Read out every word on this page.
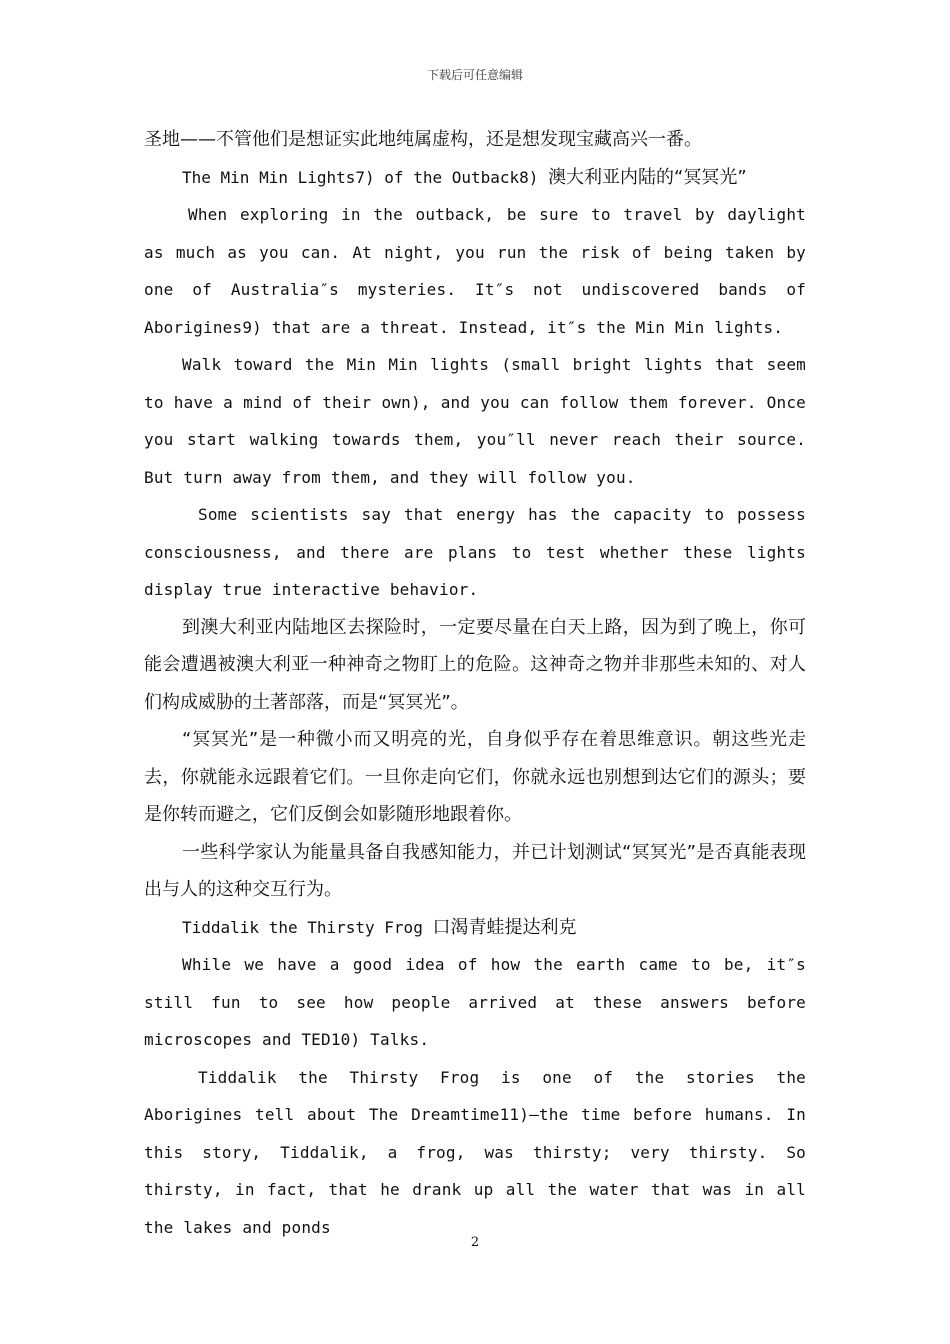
下载后可任意编辑

圣地——不管他们是想证实此地纯属虚构，还是想发现宝藏高兴一番。

The Min Min Lights7) of the Outback8) 澳大利亚内陆的“冥冥光”

When exploring in the outback, be sure to travel by daylight as much as you can. At night, you run the risk of being taken by one of Australia″s mysteries. It″s not undiscovered bands of Aborigines9) that are a threat. Instead, it″s the Min Min lights.

Walk toward the Min Min lights (small bright lights that seem to have a mind of their own), and you can follow them forever. Once you start walking towards them, you″ll never reach their source. But turn away from them, and they will follow you.

Some scientists say that energy has the capacity to possess consciousness, and there are plans to test whether these lights display true interactive behavior.

到澳大利亚内陆地区去探险时，一定要尽量在白天上路，因为到了晚上，你可能会遭遇被澳大利亚一种神奇之物盯上的危险。这神奇之物并非那些未知的、对人们构成威胁的土著部落，而是“冥冥光”。

“冥冥光”是一种微小而又明亮的光，自身似乎存在着思维意识。朝这些光走去，你就能永远跟着它们。一旦你走向它们，你就永远也别想到达它们的源头；要是你转而避之，它们反倒会如影随形地跟着你。

一些科学家认为能量具备自我感知能力，并已计划测试“冥冥光”是否真能表现出与人的这种交互行为。

Tiddalik the Thirsty Frog 口渴青蛙提达利克

While we have a good idea of how the earth came to be, it″s still fun to see how people arrived at these answers before microscopes and TED10) Talks.

Tiddalik the Thirsty Frog is one of the stories the Aborigines tell about The Dreamtime11)—the time before humans. In this story, Tiddalik, a frog, was thirsty; very thirsty. So thirsty, in fact, that he drank up all the water that was in all the lakes and ponds

2
